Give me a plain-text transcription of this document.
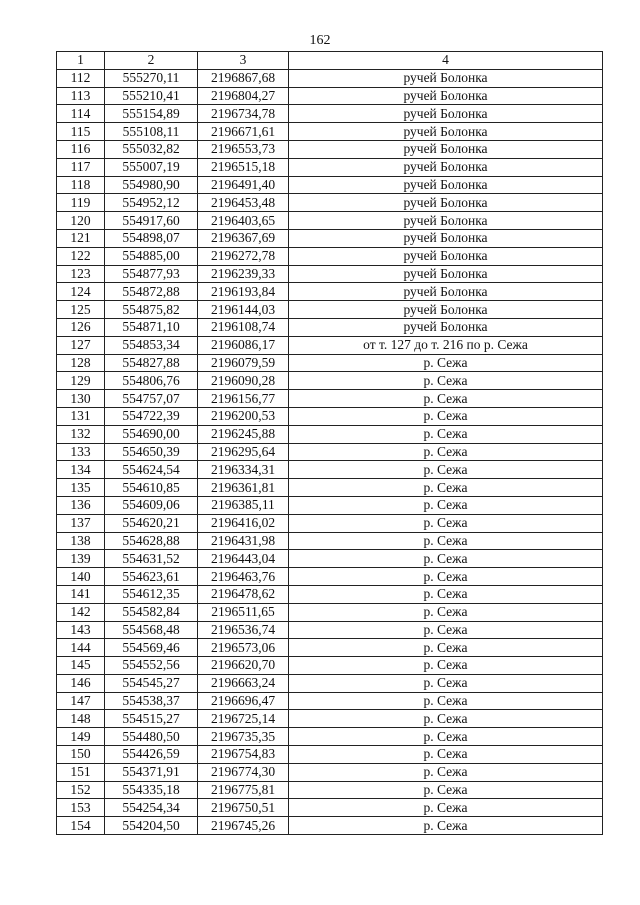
162
1	2	3	4
112	555270,11	2196867,68	ручей Болонка
113	555210,41	2196804,27	ручей Болонка
114	555154,89	2196734,78	ручей Болонка
115	555108,11	2196671,61	ручей Болонка
116	555032,82	2196553,73	ручей Болонка
117	555007,19	2196515,18	ручей Болонка
118	554980,90	2196491,40	ручей Болонка
119	554952,12	2196453,48	ручей Болонка
120	554917,60	2196403,65	ручей Болонка
121	554898,07	2196367,69	ручей Болонка
122	554885,00	2196272,78	ручей Болонка
123	554877,93	2196239,33	ручей Болонка
124	554872,88	2196193,84	ручей Болонка
125	554875,82	2196144,03	ручей Болонка
126	554871,10	2196108,74	ручей Болонка
127	554853,34	2196086,17	от т. 127 до т. 216 по р. Сежа
128	554827,88	2196079,59	р. Сежа
129	554806,76	2196090,28	р. Сежа
130	554757,07	2196156,77	р. Сежа
131	554722,39	2196200,53	р. Сежа
132	554690,00	2196245,88	р. Сежа
133	554650,39	2196295,64	р. Сежа
134	554624,54	2196334,31	р. Сежа
135	554610,85	2196361,81	р. Сежа
136	554609,06	2196385,11	р. Сежа
137	554620,21	2196416,02	р. Сежа
138	554628,88	2196431,98	р. Сежа
139	554631,52	2196443,04	р. Сежа
140	554623,61	2196463,76	р. Сежа
141	554612,35	2196478,62	р. Сежа
142	554582,84	2196511,65	р. Сежа
143	554568,48	2196536,74	р. Сежа
144	554569,46	2196573,06	р. Сежа
145	554552,56	2196620,70	р. Сежа
146	554545,27	2196663,24	р. Сежа
147	554538,37	2196696,47	р. Сежа
148	554515,27	2196725,14	р. Сежа
149	554480,50	2196735,35	р. Сежа
150	554426,59	2196754,83	р. Сежа
151	554371,91	2196774,30	р. Сежа
152	554335,18	2196775,81	р. Сежа
153	554254,34	2196750,51	р. Сежа
154	554204,50	2196745,26	р. Сежа
